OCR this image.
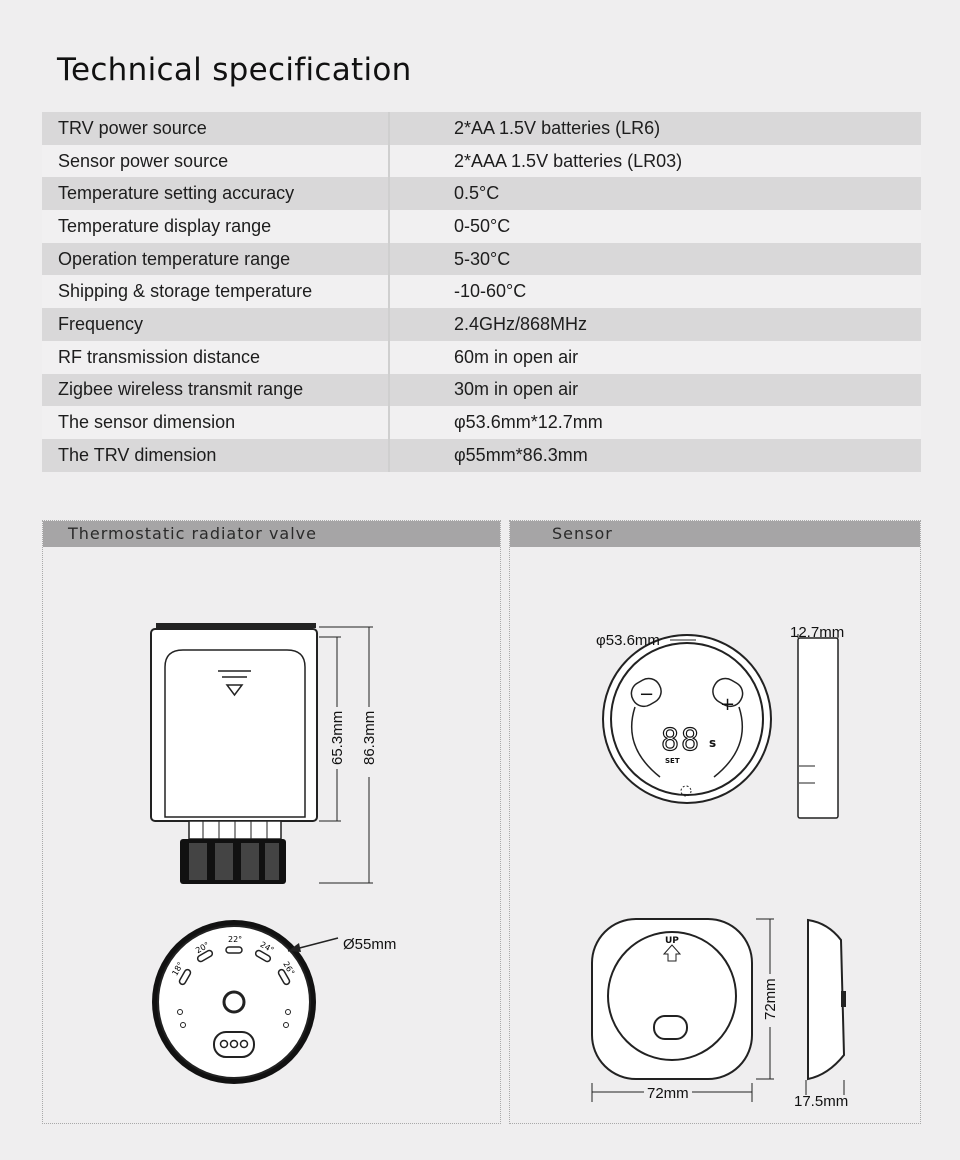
Technical specification
TRV power source	2*AA 1.5V batteries (LR6)
Sensor power source	2*AAA 1.5V batteries (LR03)
Temperature setting accuracy	0.5°C
Temperature display range	0-50°C
Operation temperature range	5-30°C
Shipping & storage temperature	-10-60°C
Frequency	2.4GHz/868MHz
RF transmission distance	60m in open air
Zigbee wireless transmit range	30m in open air
The sensor dimension	φ53.6mm*12.7mm
The TRV dimension	φ55mm*86.3mm
Thermostatic radiator valve
65.3mm 86.3mm
18°
20°
22°
24°
26°
Ø55mm
Sensor
−	+
88 s
SET
φ53.6mm	12.7mm
UP
72mm
72mm
17.5mm
